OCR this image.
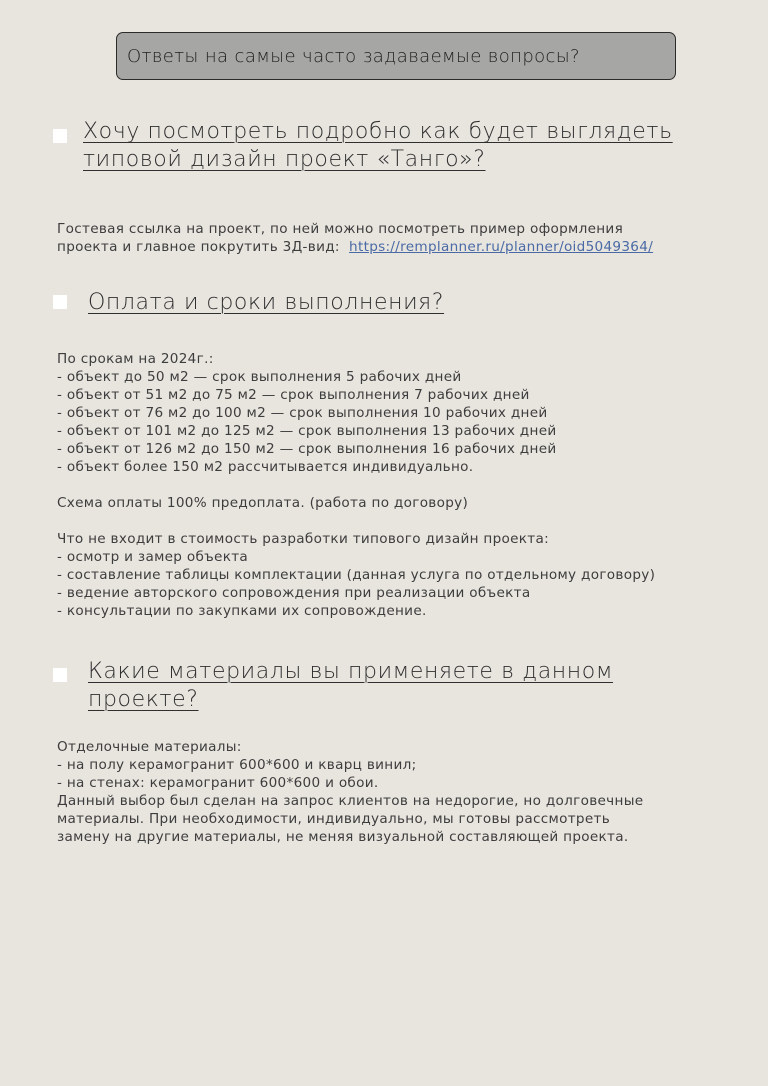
Ответы на самые часто задаваемые вопросы?
Хочу посмотреть подробно как будет выглядеть
типовой дизайн проект «Танго»?
Гостевая ссылка на проект, по ней можно посмотреть пример оформления
проекта и главное покрутить 3Д-вид: https://remplanner.ru/planner/oid5049364/
Оплата и сроки выполнения?
По срокам на 2024г.:
- объект до 50 м2 — срок выполнения 5 рабочих дней
- объект от 51 м2 до 75 м2 — срок выполнения 7 рабочих дней
- объект от 76 м2 до 100 м2 — срок выполнения 10 рабочих дней
- объект от 101 м2 до 125 м2 — срок выполнения 13 рабочих дней
- объект от 126 м2 до 150 м2 — срок выполнения 16 рабочих дней
- объект более 150 м2 рассчитывается индивидуально.
Схема оплаты 100% предоплата. (работа по договору)
Что не входит в стоимость разработки типового дизайн проекта:
- осмотр и замер объекта
- составление таблицы комплектации (данная услуга по отдельному договору)
- ведение авторского сопровождения при реализации объекта
- консультации по закупками их сопровождение.
Какие материалы вы применяете в данном
проекте?
Отделочные материалы:
- на полу керамогранит 600*600 и кварц винил;
- на стенах: керамогранит 600*600 и обои.
Данный выбор был сделан на запрос клиентов на недорогие, но долговечные
материалы. При необходимости, индивидуально, мы готовы рассмотреть
замену на другие материалы, не меняя визуальной составляющей проекта.
